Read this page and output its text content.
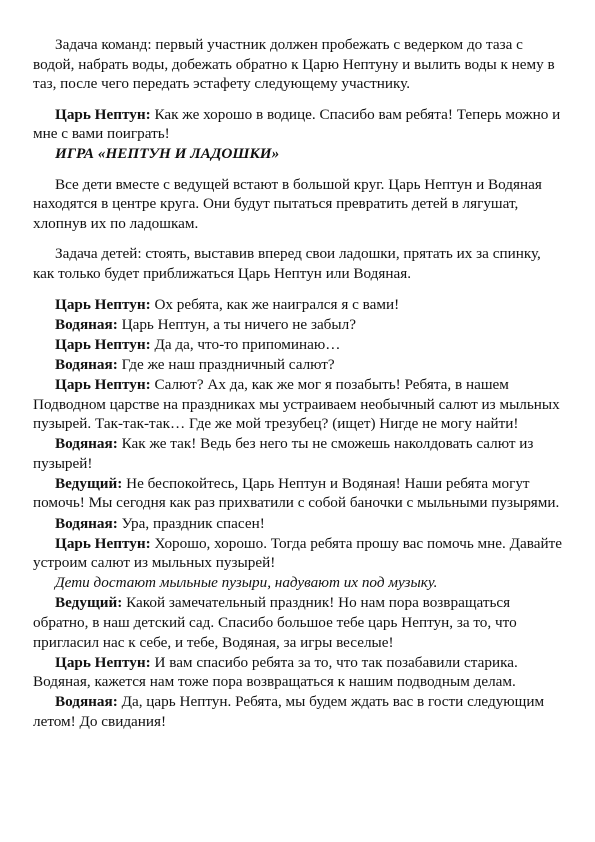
Задача команд: первый участник должен пробежать с ведерком до таза с водой, набрать воды, добежать обратно к Царю Нептуну и вылить воды к нему в таз, после чего передать эстафету следующему участнику.

Царь Нептун: Как же хорошо в водице. Спасибо вам ребята! Теперь можно и мне с вами поиграть!

ИГРА «НЕПТУН И ЛАДОШКИ»

Все дети вместе с ведущей встают в большой круг. Царь Нептун и Водяная находятся в центре круга. Они будут пытаться превратить детей в лягушат, хлопнув их по ладошкам.

Задача детей: стоять, выставив вперед свои ладошки, прятать их за спинку, как только будет приближаться Царь Нептун или Водяная.

Царь Нептун: Ох ребята, как же наигрался я с вами!

Водяная: Царь Нептун, а ты ничего не забыл?

Царь Нептун: Да да, что-то припоминаю…

Водяная: Где же наш праздничный салют?

Царь Нептун: Салют? Ах да, как же мог я позабыть! Ребята, в нашем Подводном царстве на праздниках мы устраиваем необычный салют из мыльных пузырей. Так-так-так… Где же мой трезубец? (ищет) Нигде не могу найти!

Водяная: Как же так! Ведь без него ты не сможешь наколдовать салют из пузырей!

Ведущий: Не беспокойтесь, Царь Нептун и Водяная! Наши ребята могут помочь! Мы сегодня как раз прихватили с собой баночки с мыльными пузырями.

Водяная: Ура, праздник спасен!

Царь Нептун: Хорошо, хорошо. Тогда ребята прошу вас помочь мне. Давайте устроим салют из мыльных пузырей!

Дети достают мыльные пузыри, надувают их под музыку.

Ведущий: Какой замечательный праздник! Но нам пора возвращаться обратно, в наш детский сад. Спасибо большое тебе царь Нептун, за то, что пригласил нас к себе, и тебе, Водяная, за игры веселые!

Царь Нептун: И вам спасибо ребята за то, что так позабавили старика. Водяная, кажется нам тоже пора возвращаться к нашим подводным делам.

Водяная: Да, царь Нептун. Ребята, мы будем ждать вас в гости следующим летом! До свидания!
